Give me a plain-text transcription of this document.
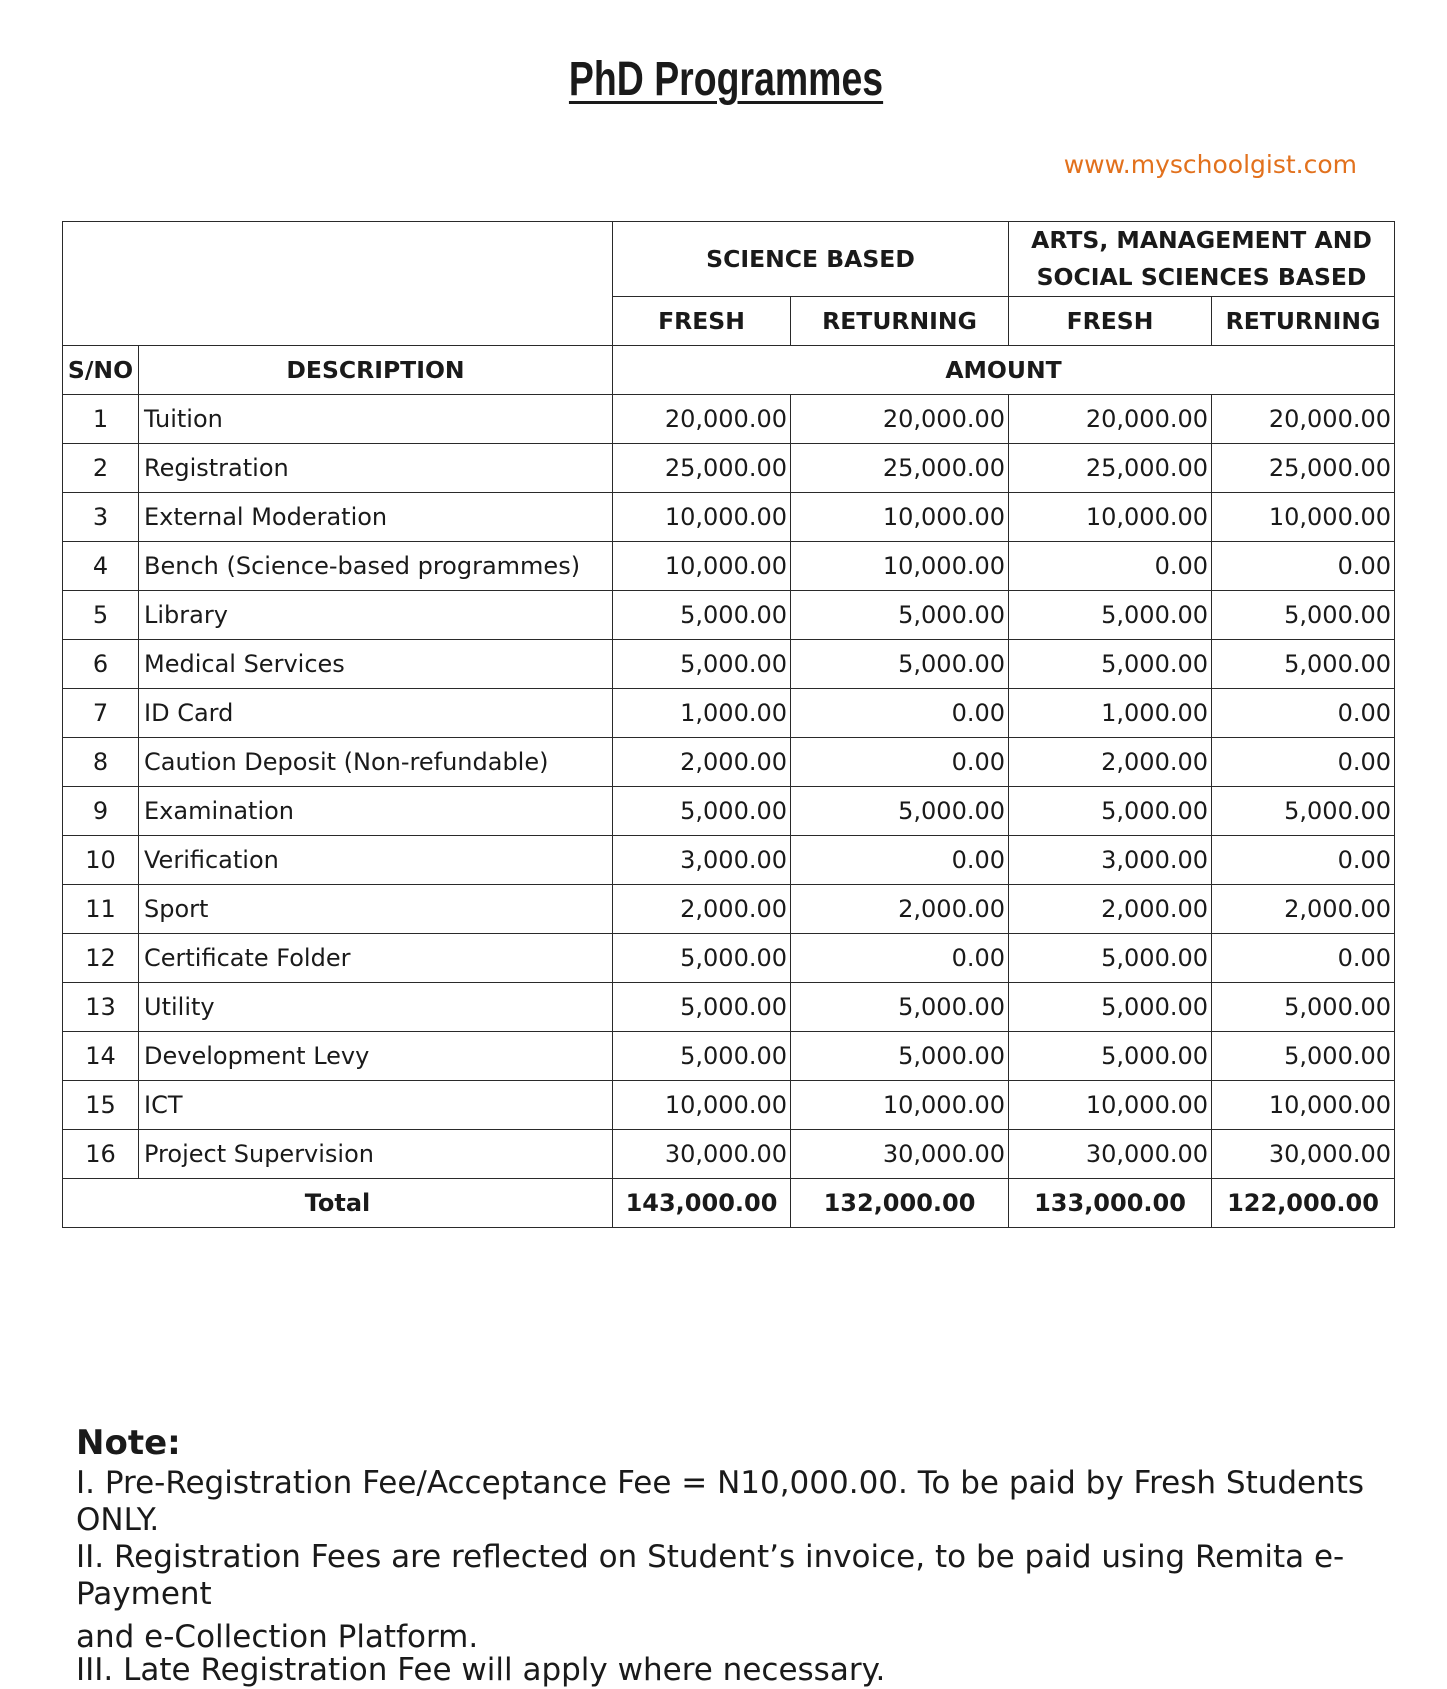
PhD Programmes
www.myschoolgist.com
		SCIENCE BASED		ARTS, MANAGEMENT AND
SOCIAL SCIENCES BASED	

		FRESH	RETURNING	FRESH	RETURNING
S/NO	DESCRIPTION	AMOUNT			
1	Tuition	20,000.00	20,000.00	20,000.00	20,000.00
2	Registration	25,000.00	25,000.00	25,000.00	25,000.00
3	External Moderation	10,000.00	10,000.00	10,000.00	10,000.00
4	Bench (Science-based programmes)	10,000.00	10,000.00	0.00	0.00
5	Library	5,000.00	5,000.00	5,000.00	5,000.00
6	Medical Services	5,000.00	5,000.00	5,000.00	5,000.00
7	ID Card	1,000.00	0.00	1,000.00	0.00
8	Caution Deposit (Non-refundable)	2,000.00	0.00	2,000.00	0.00
9	Examination	5,000.00	5,000.00	5,000.00	5,000.00
10	Verification	3,000.00	0.00	3,000.00	0.00
11	Sport	2,000.00	2,000.00	2,000.00	2,000.00
12	Certificate Folder	5,000.00	0.00	5,000.00	0.00
13	Utility	5,000.00	5,000.00	5,000.00	5,000.00
14	Development Levy	5,000.00	5,000.00	5,000.00	5,000.00
15	ICT	10,000.00	10,000.00	10,000.00	10,000.00
16	Project Supervision	30,000.00	30,000.00	30,000.00	30,000.00
Total		143,000.00	132,000.00	133,000.00	122,000.00
Note:
I. Pre-Registration Fee/Acceptance Fee = N10,000.00. To be paid by Fresh Students ONLY.
II. Registration Fees are reflected on Student’s invoice, to be paid using Remita e-Payment
and e-Collection Platform.
III. Late Registration Fee will apply where necessary.
